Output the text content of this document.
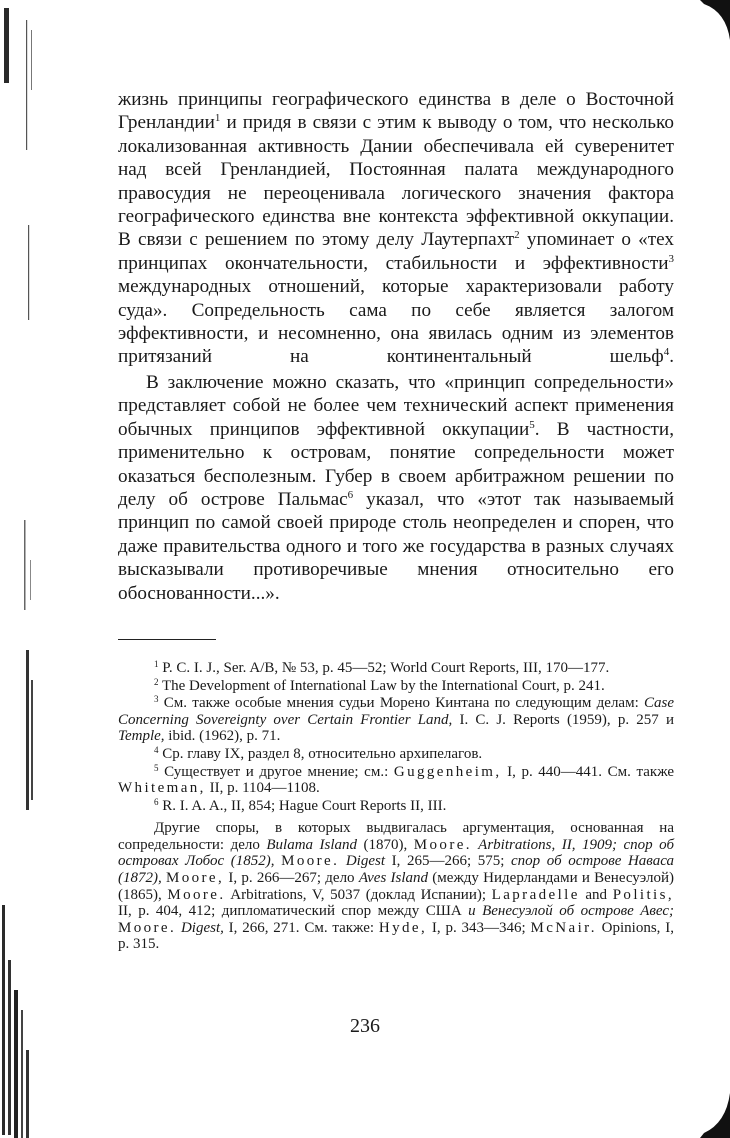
жизнь принципы географического единства в деле о Восточной Гренландии$^1$ и придя в связи с этим к выводу о том, что несколько локализованная активность Дании обеспечивала ей суверенитет над всей Гренландией, Постоянная палата международного правосудия не переоценивала логического значения фактора географического единства вне контекста эффективной оккупации. В связи с решением по этому делу Лаутерпахт$^2$ упоминает о «тех принципах окончательности, стабильности и эффективности$^3$ международных отношений, которые характеризовали работу суда». Сопредельность сама по себе является залогом эффективности, и несомненно, она явилась одним из элементов притязаний на континентальный шельф$^4$.

В заключение можно сказать, что «принцип сопредельности» представляет собой не более чем технический аспект применения обычных принципов эффективной оккупации$^5$. В частности, применительно к островам, понятие сопредельности может оказаться бесполезным. Губер в своем арбитражном решении по делу об острове Пальмас$^6$ указал, что «этот так называемый принцип по самой своей природе столь неопределен и спорен, что даже правительства одного и того же государства в разных случаях высказывали противоречивые мнения относительно его обоснованности...».

$^1$ P. C. I. J., Ser. A/B, № 53, p. 45—52; World Court Reports, III, 170—177.
$^2$ The Development of International Law by the International Court, p. 241.
$^3$ См. также особые мнения судьи Морено Кинтана по следующим делам: Case Concerning Sovereignty over Certain Frontier Land, I. C. J. Reports (1959), p. 257 и Temple, ibid. (1962), p. 71.
$^4$ Ср. главу IX, раздел 8, относительно архипелагов.
$^5$ Существует и другое мнение; см.: Guggenheim, I, p. 440—441. См. также Whiteman, II, p. 1104—1108.
$^6$ R. I. A. A., II, 854; Hague Court Reports II, III.
Другие споры, в которых выдвигалась аргументация, основанная на сопредельности: дело Bulama Island (1870), Moore. Arbitrations, II, 1909; спор об островах Лобос (1852), Moore. Digest I, 265—266; 575; спор об острове Наваса (1872), Moore, I, p. 266—267; дело Aves Island (между Нидерландами и Венесуэлой) (1865), Moore. Arbitrations, V, 5037 (доклад Испании); Lapradelle and Politis, II, p. 404, 412; дипломатический спор между США и Венесуэлой об острове Авес; Moore. Digest, I, 266, 271. См. также: Hyde, I, p. 343—346; McNair. Opinions, I, p. 315.
236
